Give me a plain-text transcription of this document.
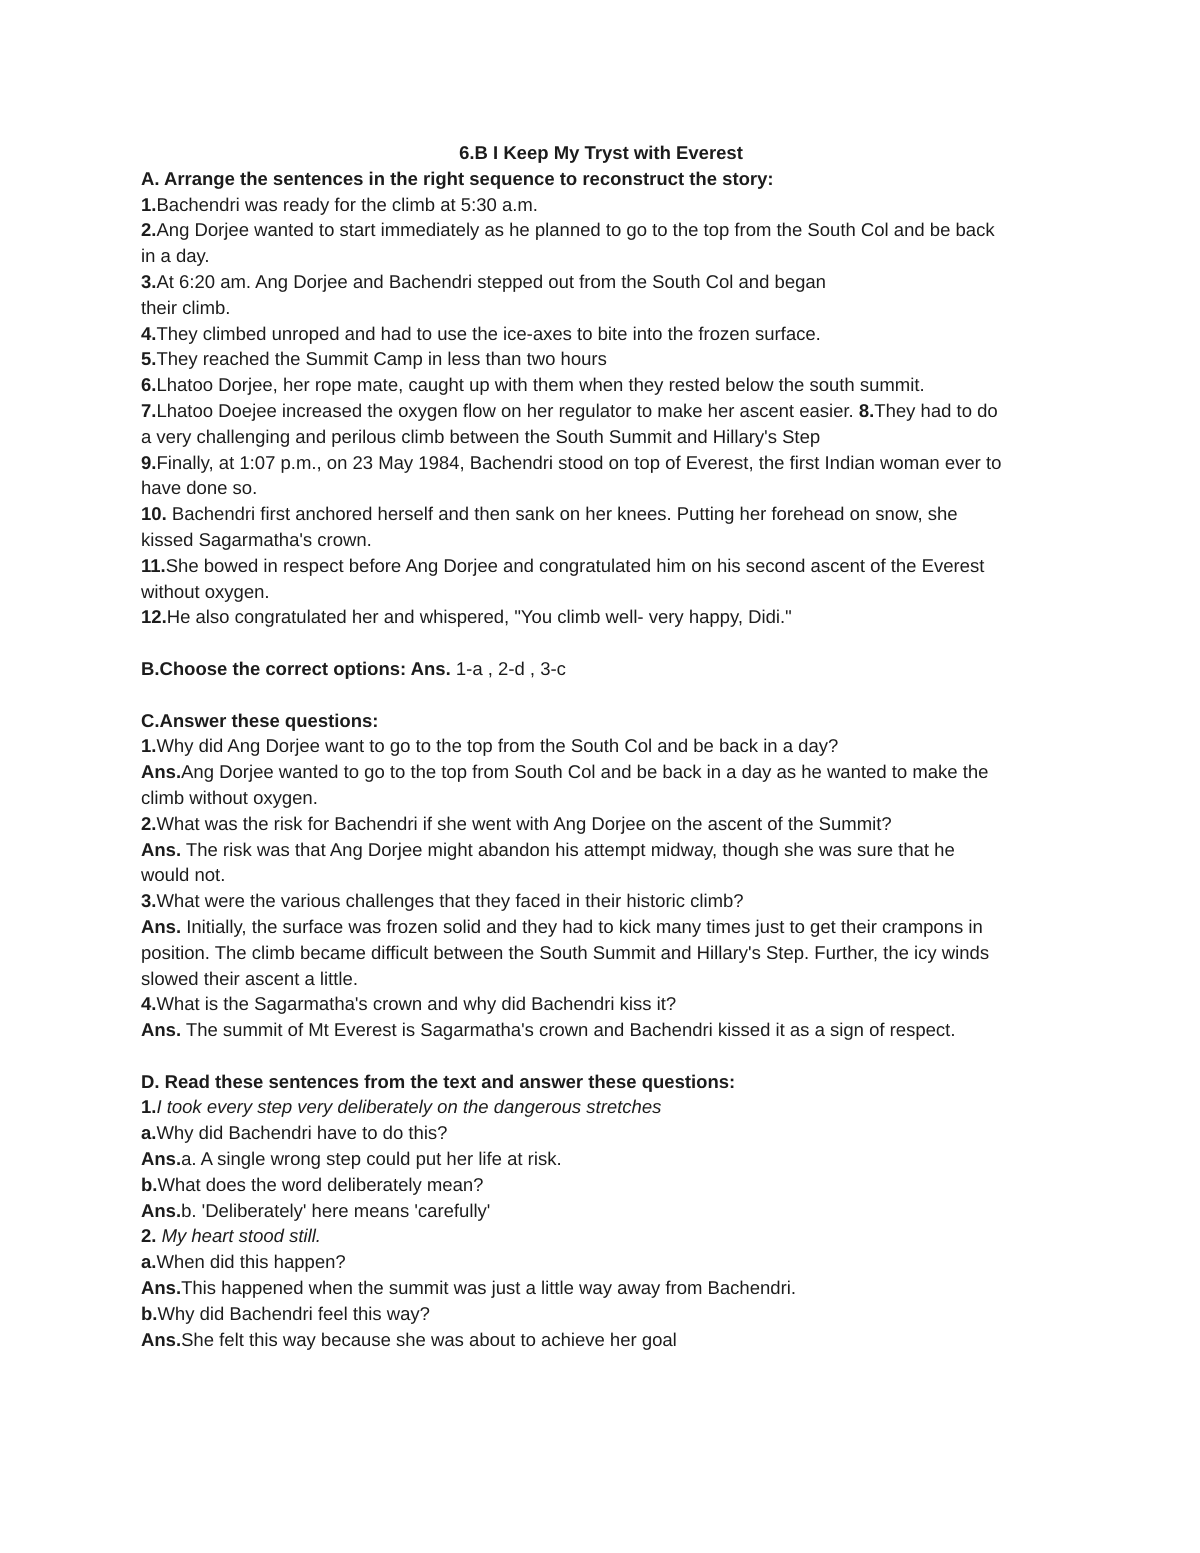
6.B I Keep My Tryst with Everest

A. Arrange the sentences in the right sequence to reconstruct the story:

1.Bachendri was ready for the climb at 5:30 a.m.

2.Ang Dorjee wanted to start immediately as he planned to go to the top from the South Col and be back

in a day.

3.At 6:20 am. Ang Dorjee and Bachendri stepped out from the South Col and began

their climb.

4.They climbed unroped and had to use the ice-axes to bite into the frozen surface.

5.They reached the Summit Camp in less than two hours

6.Lhatoo Dorjee, her rope mate, caught up with them when they rested below the south summit.

7.Lhatoo Doejee increased the oxygen flow on her regulator to make her ascent easier. 8.They had to do

a very challenging and perilous climb between the South Summit and Hillary's Step

9.Finally, at 1:07 p.m., on 23 May 1984, Bachendri stood on top of Everest, the first Indian woman ever to

have done so.

10. Bachendri first anchored herself and then sank on her knees. Putting her forehead on snow, she

kissed Sagarmatha's crown.

11.She bowed in respect before Ang Dorjee and congratulated him on his second ascent of the Everest

without oxygen.

12.He also congratulated her and whispered, "You climb well- very happy, Didi."

B.Choose the correct options: Ans. 1-a , 2-d , 3-c

C.Answer these questions:

1.Why did Ang Dorjee want to go to the top from the South Col and be back in a day?

Ans.Ang Dorjee wanted to go to the top from South Col and be back in a day as he wanted to make the

climb without oxygen.

2.What was the risk for Bachendri if she went with Ang Dorjee on the ascent of the Summit?

Ans. The risk was that Ang Dorjee might abandon his attempt midway, though she was sure that he

would not.

3.What were the various challenges that they faced in their historic climb?

Ans. Initially, the surface was frozen solid and they had to kick many times just to get their crampons in

position. The climb became difficult between the South Summit and Hillary's Step. Further, the icy winds

slowed their ascent a little.

4.What is the Sagarmatha's crown and why did Bachendri kiss it?

Ans. The summit of Mt Everest is Sagarmatha's crown and Bachendri kissed it as a sign of respect.

D. Read these sentences from the text and answer these questions:

1.I took every step very deliberately on the dangerous stretches

a.Why did Bachendri have to do this?

Ans.a. A single wrong step could put her life at risk.

b.What does the word deliberately mean?

Ans.b. 'Deliberately' here means 'carefully'

2. My heart stood still.

a.When did this happen?

Ans.This happened when the summit was just a little way away from Bachendri.

b.Why did Bachendri feel this way?

Ans.She felt this way because she was about to achieve her goal
